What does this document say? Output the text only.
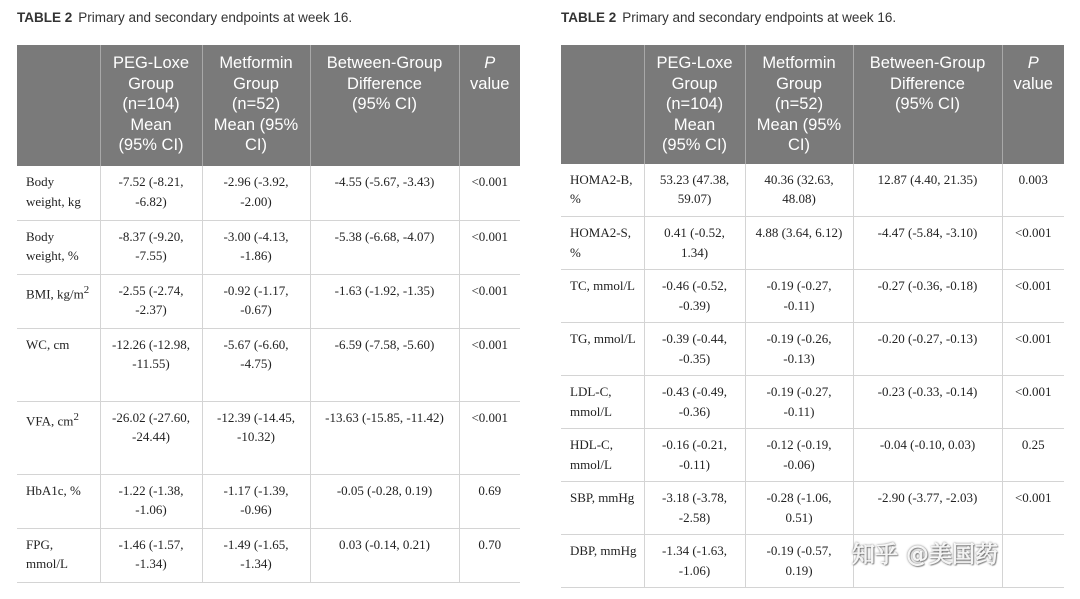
TABLE 2 Primary and secondary endpoints at week 16.
	PEG-Loxe
Group
(n=104)
Mean
(95% CI)	Metformin
Group
(n=52)
Mean (95%
CI)	Between-Group
Difference
(95% CI)	P
value
Body weight, kg	-7.52 (-8.21, -6.82)	-2.96 (-3.92, -2.00)	-4.55 (-5.67, -3.43)	<0.001
Body weight, %	-8.37 (-9.20, -7.55)	-3.00 (-4.13, -1.86)	-5.38 (-6.68, -4.07)	<0.001
BMI, $kg/m^2$	-2.55 (-2.74, -2.37)	-0.92 (-1.17, -0.67)	-1.63 (-1.92, -1.35)	<0.001
WC, cm	-12.26 (-12.98, -11.55)	-5.67 (-6.60, -4.75)	-6.59 (-7.58, -5.60)	<0.001
VFA, $cm^2$	-26.02 (-27.60, -24.44)	-12.39 (-14.45, -10.32)	-13.63 (-15.85, -11.42)	<0.001
HbA1c, %	-1.22 (-1.38, -1.06)	-1.17 (-1.39, -0.96)	-0.05 (-0.28, 0.19)	0.69
FPG, mmol/L	-1.46 (-1.57, -1.34)	-1.49 (-1.65, -1.34)	0.03 (-0.14, 0.21)	0.70
TABLE 2 Primary and secondary endpoints at week 16.
	PEG-Loxe
Group
(n=104)
Mean
(95% CI)	Metformin
Group
(n=52)
Mean (95%
CI)	Between-Group
Difference
(95% CI)	P
value
HOMA2-B, %	53.23 (47.38, 59.07)	40.36 (32.63, 48.08)	12.87 (4.40, 21.35)	0.003
HOMA2-S, %	0.41 (-0.52, 1.34)	4.88 (3.64, 6.12)	-4.47 (-5.84, -3.10)	<0.001
TC, mmol/L	-0.46 (-0.52, -0.39)	-0.19 (-0.27, -0.11)	-0.27 (-0.36, -0.18)	<0.001
TG, mmol/L	-0.39 (-0.44, -0.35)	-0.19 (-0.26, -0.13)	-0.20 (-0.27, -0.13)	<0.001
LDL-C, mmol/L	-0.43 (-0.49, -0.36)	-0.19 (-0.27, -0.11)	-0.23 (-0.33, -0.14)	<0.001
HDL-C, mmol/L	-0.16 (-0.21, -0.11)	-0.12 (-0.19, -0.06)	-0.04 (-0.10, 0.03)	0.25
SBP, mmHg	-3.18 (-3.78, -2.58)	-0.28 (-1.06, 0.51)	-2.90 (-3.77, -2.03)	<0.001
DBP, mmHg	-1.34 (-1.63, -1.06)	-0.19 (-0.57, 0.19)		
知乎 @美国药
